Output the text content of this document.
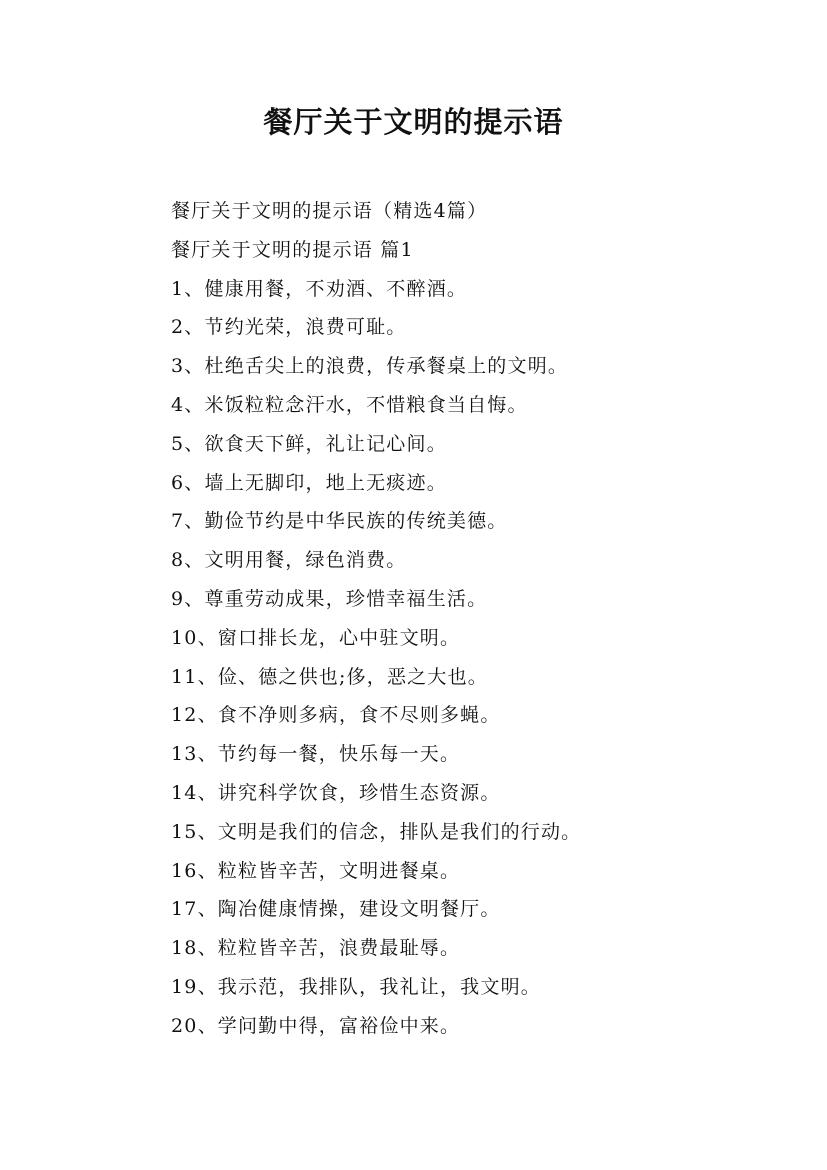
餐厅关于文明的提示语

餐厅关于文明的提示语（精选4篇）

餐厅关于文明的提示语 篇1

1、健康用餐，不劝酒、不醉酒。

2、节约光荣，浪费可耻。

3、杜绝舌尖上的浪费，传承餐桌上的文明。

4、米饭粒粒念汗水，不惜粮食当自悔。

5、欲食天下鲜，礼让记心间。

6、墙上无脚印，地上无痰迹。

7、勤俭节约是中华民族的传统美德。

8、文明用餐，绿色消费。

9、尊重劳动成果，珍惜幸福生活。

10、窗口排长龙，心中驻文明。

11、俭、德之供也;侈，恶之大也。

12、食不净则多病，食不尽则多蝇。

13、节约每一餐，快乐每一天。

14、讲究科学饮食，珍惜生态资源。

15、文明是我们的信念，排队是我们的行动。

16、粒粒皆辛苦，文明进餐桌。

17、陶冶健康情操，建设文明餐厅。

18、粒粒皆辛苦，浪费最耻辱。

19、我示范，我排队，我礼让，我文明。

20、学问勤中得，富裕俭中来。
